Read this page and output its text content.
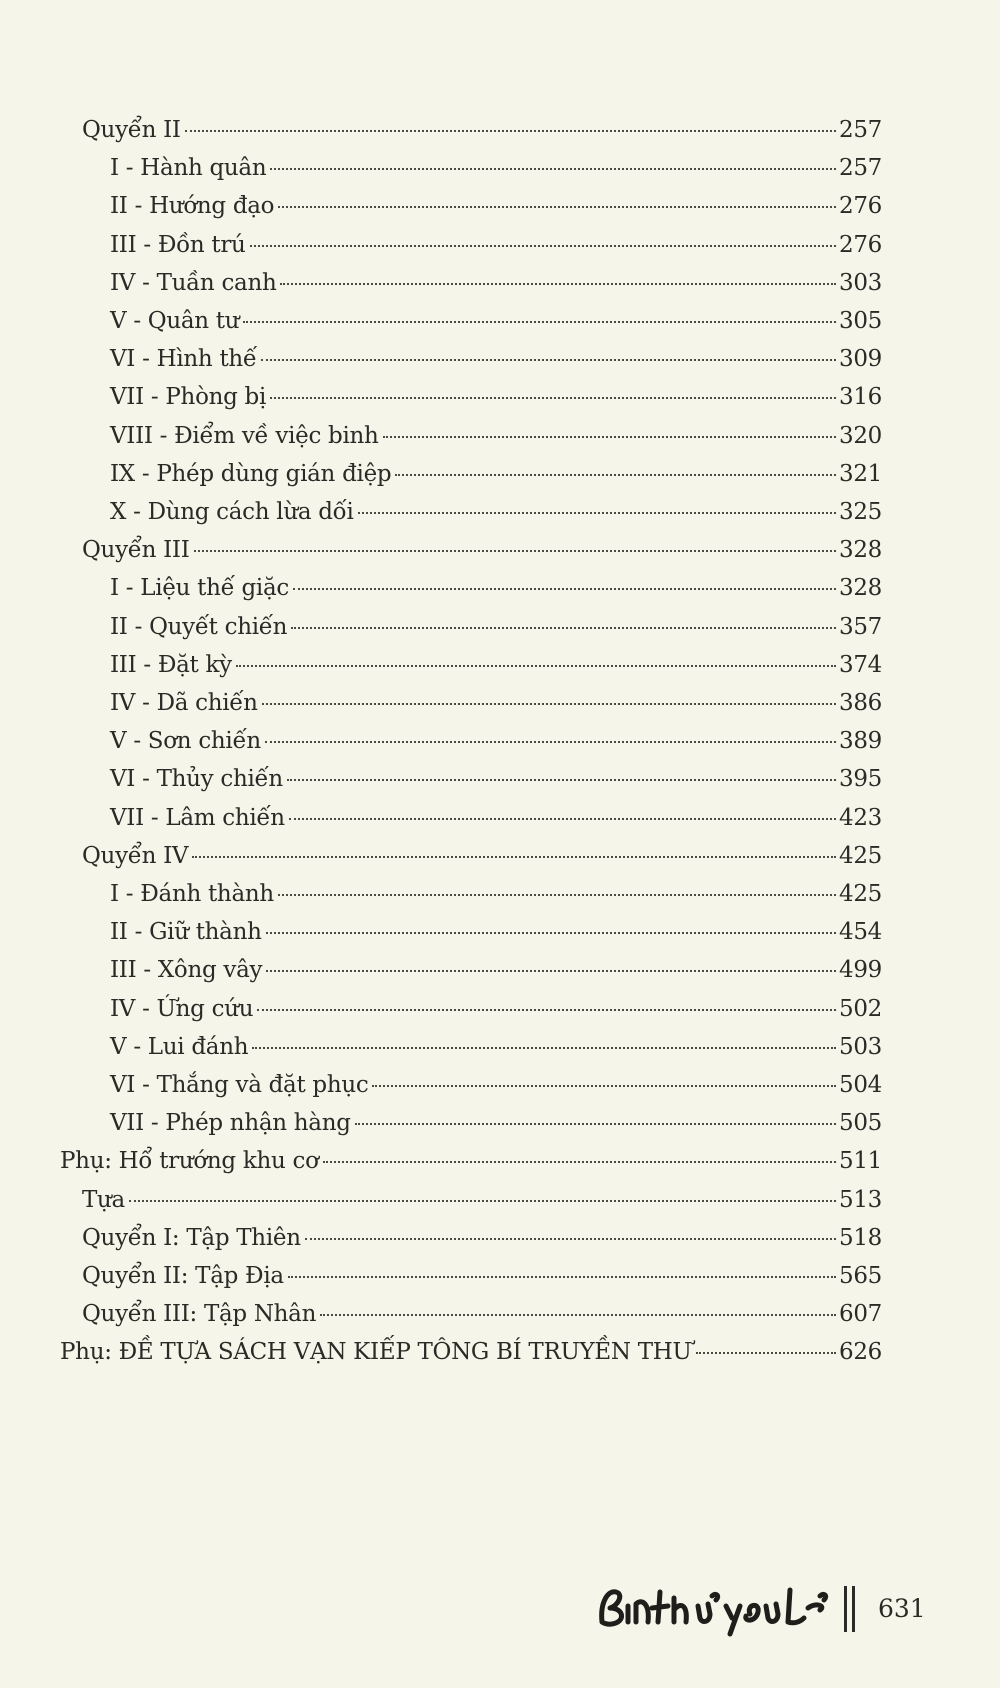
Quyển II	257
I - Hành quân	257
II - Hướng đạo	276
III - Đồn trú	276
IV - Tuần canh	303
V - Quân tư	305
VI - Hình thế	309
VII - Phòng bị	316
VIII - Điểm về việc binh	320
IX - Phép dùng gián điệp	321
X - Dùng cách lừa dối	325
Quyển III	328
I - Liệu thế giặc	328
II - Quyết chiến	357
III - Đặt kỳ	374
IV - Dã chiến	386
V - Sơn chiến	389
VI - Thủy chiến	395
VII - Lâm chiến	423
Quyển IV	425
I - Đánh thành	425
II - Giữ thành	454
III - Xông vây	499
IV - Ứng cứu	502
V - Lui đánh	503
VI - Thắng và đặt phục	504
VII - Phép nhận hàng	505
Phụ: Hổ trướng khu cơ	511
Tựa	513
Quyển I: Tập Thiên	518
Quyển II: Tập Địa	565
Quyển III: Tập Nhân	607
Phụ: ĐỀ TỰA SÁCH VẠN KIẾP TÔNG BÍ TRUYỀN THƯ	626
631
